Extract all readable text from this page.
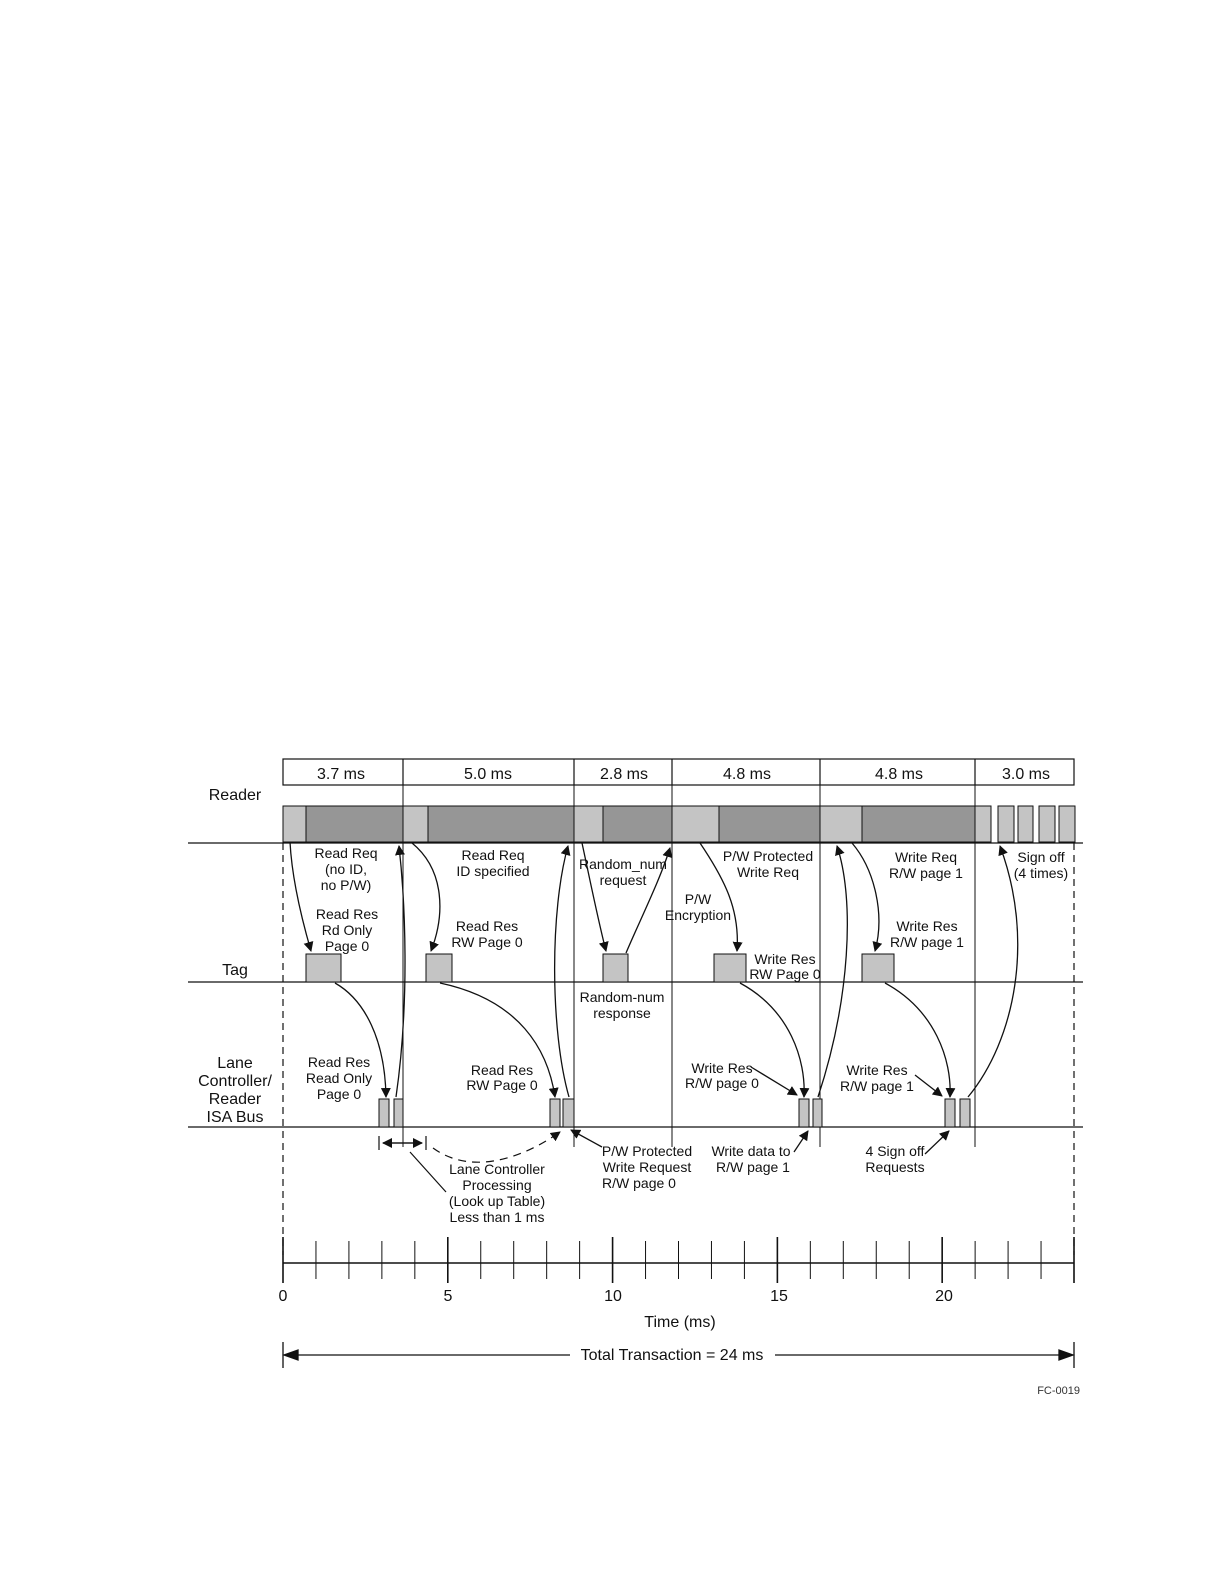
Reader
Tag
Lane
Controller/
Reader
ISA Bus
3.7 ms	5.0 ms	2.8 ms	4.8 ms	4.8 ms	3.0 ms
Read Req
(no ID,
no P/W)
Read Res
Rd Only
Page 0
Read Res
Read Only
Page 0
Read Req
ID specified
Read Res
RW Page 0
Read Res
RW Page 0
Random_num
request
Random-num
response
P/W Protected
Write Req
P/W
Encryption
Write Res
RW Page 0
Write Res
R/W page 0
Write Req
R/W page 1
Write Res
R/W page 1
Write Res
R/W page 1
Sign off
(4 times)
Lane Controller
Processing
(Look up Table)
Less than 1 ms
P/W Protected
Write Request
R/W page 0
Write data to
R/W page 1
4 Sign off
Requests
0	5	10	15	20
Time (ms)
Total Transaction = 24 ms
FC-0019
